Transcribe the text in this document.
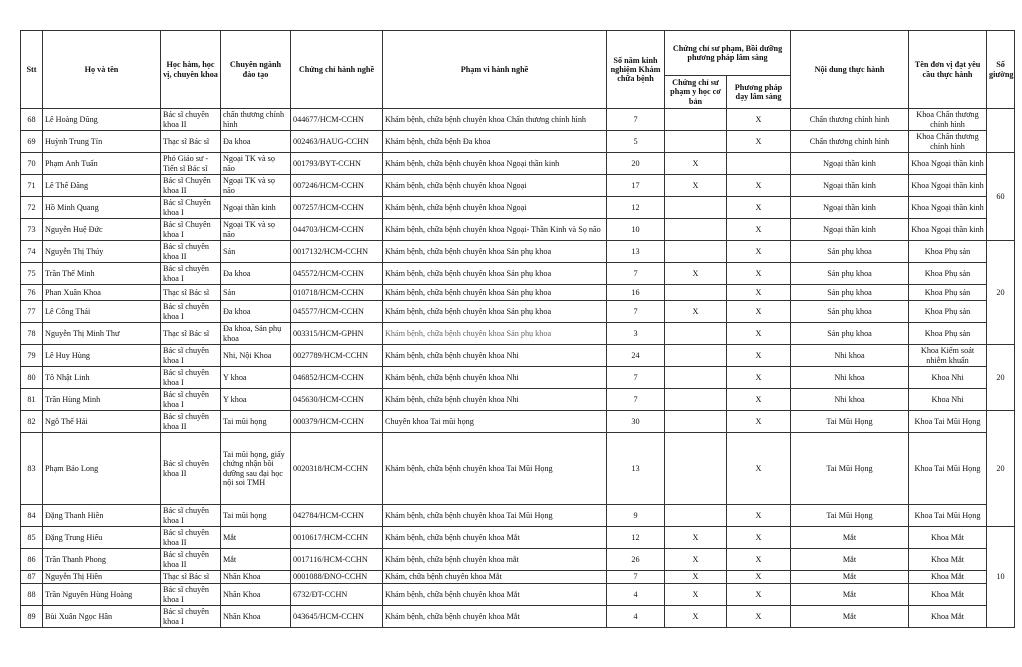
Stt	Họ và tên	Học hàm, học vị, chuyên khoa	Chuyên ngành đào tạo	Chứng chỉ hành nghề	Phạm vi hành nghề	Số năm kinh nghiệm Khám chữa bệnh	Chứng chỉ sư phạm, Bồi dưỡng phương pháp lâm sàng		Nội dung thực hành	Tên đơn vị đạt yêu cầu thực hành	Số giường
							Chứng chỉ sư phạm y học cơ bản	Phương pháp dạy lâm sàng			
68	Lê Hoàng Dũng	Bác sĩ chuyên khoa II	chấn thương chỉnh hình	044677/HCM-CCHN	Khám bệnh, chữa bệnh chuyên khoa Chấn thương chỉnh hình	7		X	Chấn thương chỉnh hình	Khoa Chấn thương chỉnh hình	
69	Huỳnh Trung Tín	Thạc sĩ Bác sĩ	Đa khoa	002463/HAUG-CCHN	Khám bệnh, chữa bệnh Đa khoa	5		X	Chấn thương chỉnh hình	Khoa Chấn thương chỉnh hình	
70	Phạm Anh Tuấn	Phó Giáo sư - Tiến sĩ Bác sĩ	Ngoại TK và sọ não	001793/BYT-CCHN	Khám bệnh, chữa bệnh chuyên khoa Ngoại thần kinh	20	X		Ngoại thần kinh	Khoa Ngoại thần kinh	60
71	Lê Thế Đăng	Bác sĩ Chuyên khoa II	Ngoại TK và sọ não	007246/HCM-CCHN	Khám bệnh, chữa bệnh chuyên khoa Ngoại	17	X	X	Ngoại thần kinh	Khoa Ngoại thần kinh	
72	Hồ Minh Quang	Bác sĩ Chuyên khoa I	Ngoại thần kinh	007257/HCM-CCHN	Khám bệnh, chữa bệnh chuyên khoa Ngoại	12		X	Ngoại thần kinh	Khoa Ngoại thần kinh	
73	Nguyễn Huệ Đức	Bác sĩ Chuyên khoa I	Ngoại TK và sọ não	044703/HCM-CCHN	Khám bệnh, chữa bệnh chuyên khoa Ngoại- Thần Kinh và Sọ não	10		X	Ngoại thần kinh	Khoa Ngoại thần kinh	
74	Nguyễn Thị Thúy	Bác sĩ chuyên khoa II	Sản	0017132/HCM-CCHN	Khám bệnh, chữa bệnh chuyên khoa Sản phụ khoa	13		X	Sản phụ khoa	Khoa Phụ sản	20
75	Trần Thế Minh	Bác sĩ chuyên khoa I	Đa khoa	045572/HCM-CCHN	Khám bệnh, chữa bệnh chuyên khoa Sản phụ khoa	7	X	X	Sản phụ khoa	Khoa Phụ sản	
76	Phan Xuân Khoa	Thạc sĩ Bác sĩ	Sản	010718/HCM-CCHN	Khám bệnh, chữa bệnh chuyên khoa Sản phụ khoa	16		X	Sản phụ khoa	Khoa Phụ sản	
77	Lê Công Thái	Bác sĩ chuyên khoa I	Đa khoa	045577/HCM-CCHN	Khám bệnh, chữa bệnh chuyên khoa Sản phụ khoa	7	X	X	Sản phụ khoa	Khoa Phụ sản	
78	Nguyễn Thị Minh Thư	Thạc sĩ Bác sĩ	Đa khoa, Sản phụ khoa	003315/HCM-GPHN	Khám bệnh, chữa bệnh chuyên khoa Sản phụ khoa	3		X	Sản phụ khoa	Khoa Phụ sản	
79	Lê Huy Hùng	Bác sĩ chuyên khoa I	Nhi, Nội Khoa	0027789/HCM-CCHN	Khám bệnh, chữa bệnh chuyên khoa Nhi	24		X	Nhi khoa	Khoa Kiểm soát nhiễm khuẩn	20
80	Tô Nhật Linh	Bác sĩ chuyên khoa I	Y khoa	046852/HCM-CCHN	Khám bệnh, chữa bệnh chuyên khoa Nhi	7		X	Nhi khoa	Khoa Nhi	
81	Trần Hùng Minh	Bác sĩ chuyên khoa I	Y khoa	045630/HCM-CCHN	Khám bệnh, chữa bệnh chuyên khoa Nhi	7		X	Nhi khoa	Khoa Nhi	
82	Ngô Thế Hải	Bác sĩ chuyên khoa II	Tai mũi họng	000379/HCM-CCHN	Chuyên khoa Tai mũi họng	30		X	Tai Mũi Họng	Khoa Tai Mũi Họng	20
83	Phạm Bảo Long	Bác sĩ chuyên khoa II	Tai mũi họng, giấy chứng nhận bồi dưỡng sau đại học nội soi TMH	0020318/HCM-CCHN	Khám bệnh, chữa bệnh chuyên khoa Tai Mũi Họng	13		X	Tai Mũi Họng	Khoa Tai Mũi Họng	
84	Đặng Thanh Hiền	Bác sĩ chuyên khoa I	Tai mũi họng	042784/HCM-CCHN	Khám bệnh, chữa bệnh chuyên khoa Tai Mũi Họng	9		X	Tai Mũi Họng	Khoa Tai Mũi Họng	
85	Đặng Trung Hiếu	Bác sĩ chuyên khoa II	Mắt	0010617/HCM-CCHN	Khám bệnh, chữa bệnh chuyên khoa Mắt	12	X	X	Mắt	Khoa Mắt	10
86	Trần Thanh Phong	Bác sĩ chuyên khoa II	Mắt	0017116/HCM-CCHN	Khám bệnh, chữa bệnh chuyên khoa mắt	26	X	X	Mắt	Khoa Mắt	
87	Nguyễn Thị Hiên	Thạc sĩ Bác sĩ	Nhãn Khoa	0001088/ĐNO-CCHN	Khám, chữa bệnh chuyên khoa Mắt	7	X	X	Mắt	Khoa Mắt	
88	Trần Nguyên Hùng Hoàng	Bác sĩ chuyên khoa I	Nhãn Khoa	6732/ĐT-CCHN	Khám bệnh, chữa bệnh chuyên khoa Mắt	4	X	X	Mắt	Khoa Mắt	
89	Bùi Xuân Ngọc Hân	Bác sĩ chuyên khoa I	Nhãn Khoa	043645/HCM-CCHN	Khám bệnh, chữa bệnh chuyên khoa Mắt	4	X	X	Mắt	Khoa Mắt	
